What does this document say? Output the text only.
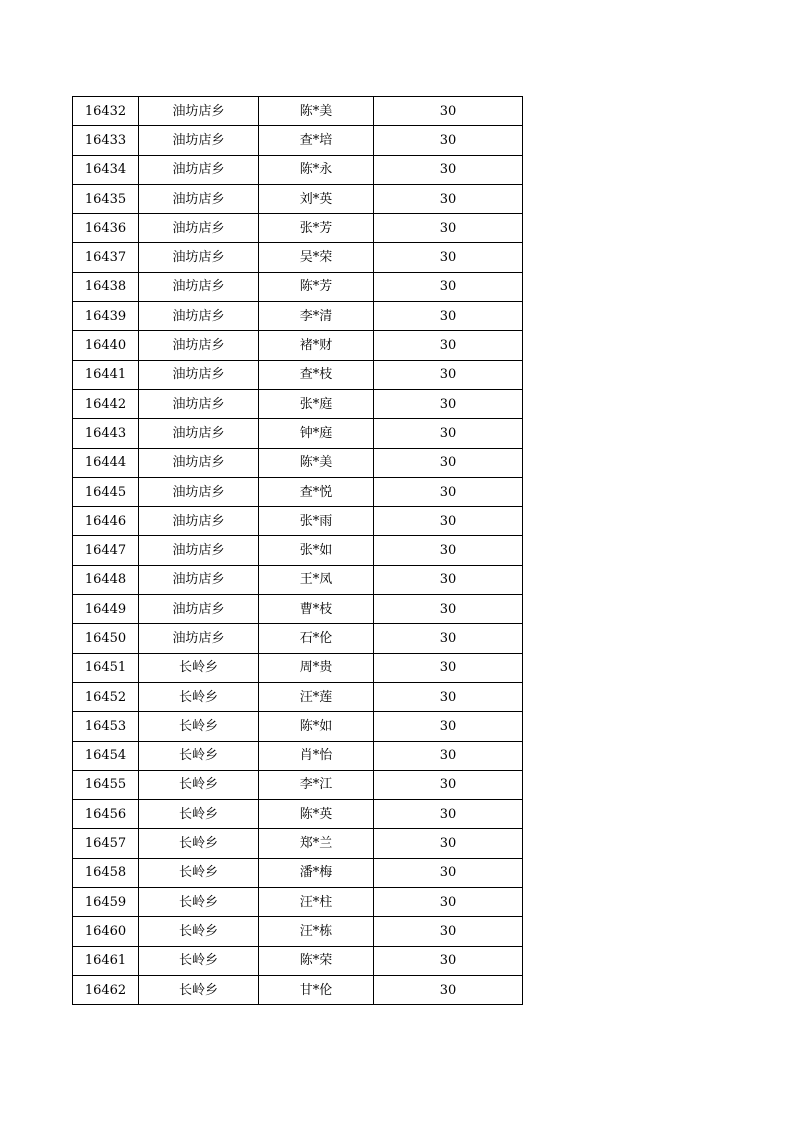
16432	油坊店乡	陈*美	30
16433	油坊店乡	查*培	30
16434	油坊店乡	陈*永	30
16435	油坊店乡	刘*英	30
16436	油坊店乡	张*芳	30
16437	油坊店乡	吴*荣	30
16438	油坊店乡	陈*芳	30
16439	油坊店乡	李*清	30
16440	油坊店乡	褚*财	30
16441	油坊店乡	查*枝	30
16442	油坊店乡	张*庭	30
16443	油坊店乡	钟*庭	30
16444	油坊店乡	陈*美	30
16445	油坊店乡	查*悦	30
16446	油坊店乡	张*雨	30
16447	油坊店乡	张*如	30
16448	油坊店乡	王*凤	30
16449	油坊店乡	曹*枝	30
16450	油坊店乡	石*伦	30
16451	长岭乡	周*贵	30
16452	长岭乡	汪*莲	30
16453	长岭乡	陈*如	30
16454	长岭乡	肖*怡	30
16455	长岭乡	李*江	30
16456	长岭乡	陈*英	30
16457	长岭乡	郑*兰	30
16458	长岭乡	潘*梅	30
16459	长岭乡	汪*柱	30
16460	长岭乡	汪*栋	30
16461	长岭乡	陈*荣	30
16462	长岭乡	甘*伦	30
